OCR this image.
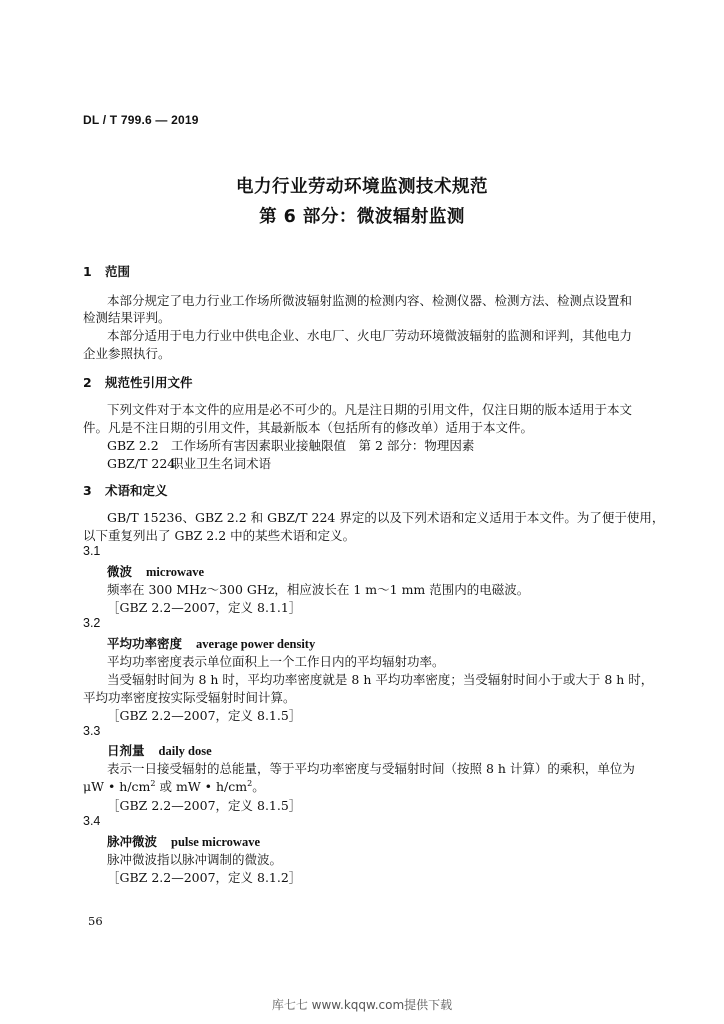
DL / T 799.6 — 2019
电力行业劳动环境监测技术规范
第 6 部分：微波辐射监测
1 范围
本部分规定了电力行业工作场所微波辐射监测的检测内容、检测仪器、检测方法、检测点设置和
检测结果评判。
本部分适用于电力行业中供电企业、水电厂、火电厂劳动环境微波辐射的监测和评判，其他电力
企业参照执行。
2 规范性引用文件
下列文件对于本文件的应用是必不可少的。凡是注日期的引用文件，仅注日期的版本适用于本文
件。凡是不注日期的引用文件，其最新版本（包括所有的修改单）适用于本文件。
GBZ 2.2 工作场所有害因素职业接触限值　第 2 部分：物理因素
GBZ/T 224职业卫生名词术语
3 术语和定义
GB/T 15236、GBZ 2.2 和 GBZ/T 224 界定的以及下列术语和定义适用于本文件。为了便于使用，
以下重复列出了 GBZ 2.2 中的某些术语和定义。
3.1
微波 microwave
频率在 300 MHz～300 GHz，相应波长在 1 m～1 mm 范围内的电磁波。
［GBZ 2.2—2007，定义 8.1.1］
3.2
平均功率密度 average power density
平均功率密度表示单位面积上一个工作日内的平均辐射功率。
当受辐射时间为 8 h 时，平均功率密度就是 8 h 平均功率密度；当受辐射时间小于或大于 8 h 时，
平均功率密度按实际受辐射时间计算。
［GBZ 2.2—2007，定义 8.1.5］
3.3
日剂量 daily dose
表示一日接受辐射的总能量，等于平均功率密度与受辐射时间（按照 8 h 计算）的乘积，单位为
μW • $h/cm^2$ 或 mW • $h/cm^2$。
［GBZ 2.2—2007，定义 8.1.5］
3.4
脉冲微波 pulse microwave
脉冲微波指以脉冲调制的微波。
［GBZ 2.2—2007，定义 8.1.2］
56
库七七 www.kqqw.com提供下载
